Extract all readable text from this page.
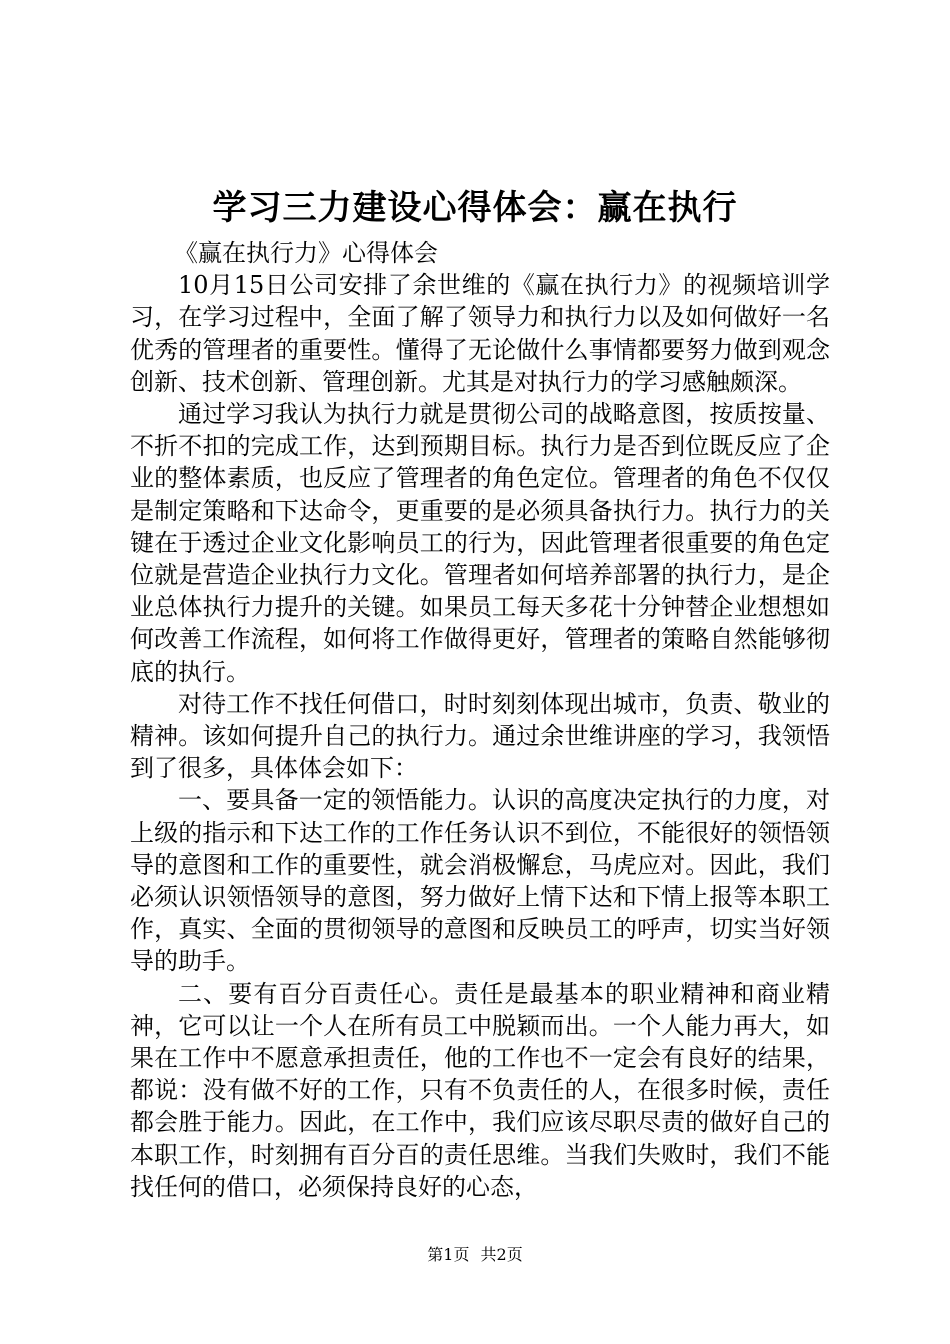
学习三力建设心得体会：赢在执行

《赢在执行力》心得体会

10月15日公司安排了余世维的《赢在执行力》的视频培训学习，在学习过程中，全面了解了领导力和执行力以及如何做好一名优秀的管理者的重要性。懂得了无论做什么事情都要努力做到观念创新、技术创新、管理创新。尤其是对执行力的学习感触颇深。

通过学习我认为执行力就是贯彻公司的战略意图，按质按量、不折不扣的完成工作，达到预期目标。执行力是否到位既反应了企业的整体素质，也反应了管理者的角色定位。管理者的角色不仅仅是制定策略和下达命令，更重要的是必须具备执行力。执行力的关键在于透过企业文化影响员工的行为，因此管理者很重要的角色定位就是营造企业执行力文化。管理者如何培养部署的执行力，是企业总体执行力提升的关键。如果员工每天多花十分钟替企业想想如何改善工作流程，如何将工作做得更好，管理者的策略自然能够彻底的执行。

对待工作不找任何借口，时时刻刻体现出城市，负责、敬业的精神。该如何提升自己的执行力。通过余世维讲座的学习，我领悟到了很多，具体体会如下：

一、要具备一定的领悟能力。认识的高度决定执行的力度，对上级的指示和下达工作的工作任务认识不到位，不能很好的领悟领导的意图和工作的重要性，就会消极懈怠，马虎应对。因此，我们必须认识领悟领导的意图，努力做好上情下达和下情上报等本职工作，真实、全面的贯彻领导的意图和反映员工的呼声，切实当好领导的助手。

二、要有百分百责任心。责任是最基本的职业精神和商业精神，它可以让一个人在所有员工中脱颖而出。一个人能力再大，如果在工作中不愿意承担责任，他的工作也不一定会有良好的结果，都说：没有做不好的工作，只有不负责任的人，在很多时候，责任都会胜于能力。因此，在工作中，我们应该尽职尽责的做好自己的本职工作，时刻拥有百分百的责任思维。当我们失败时，我们不能找任何的借口，必须保持良好的心态，

第1页 共2页
